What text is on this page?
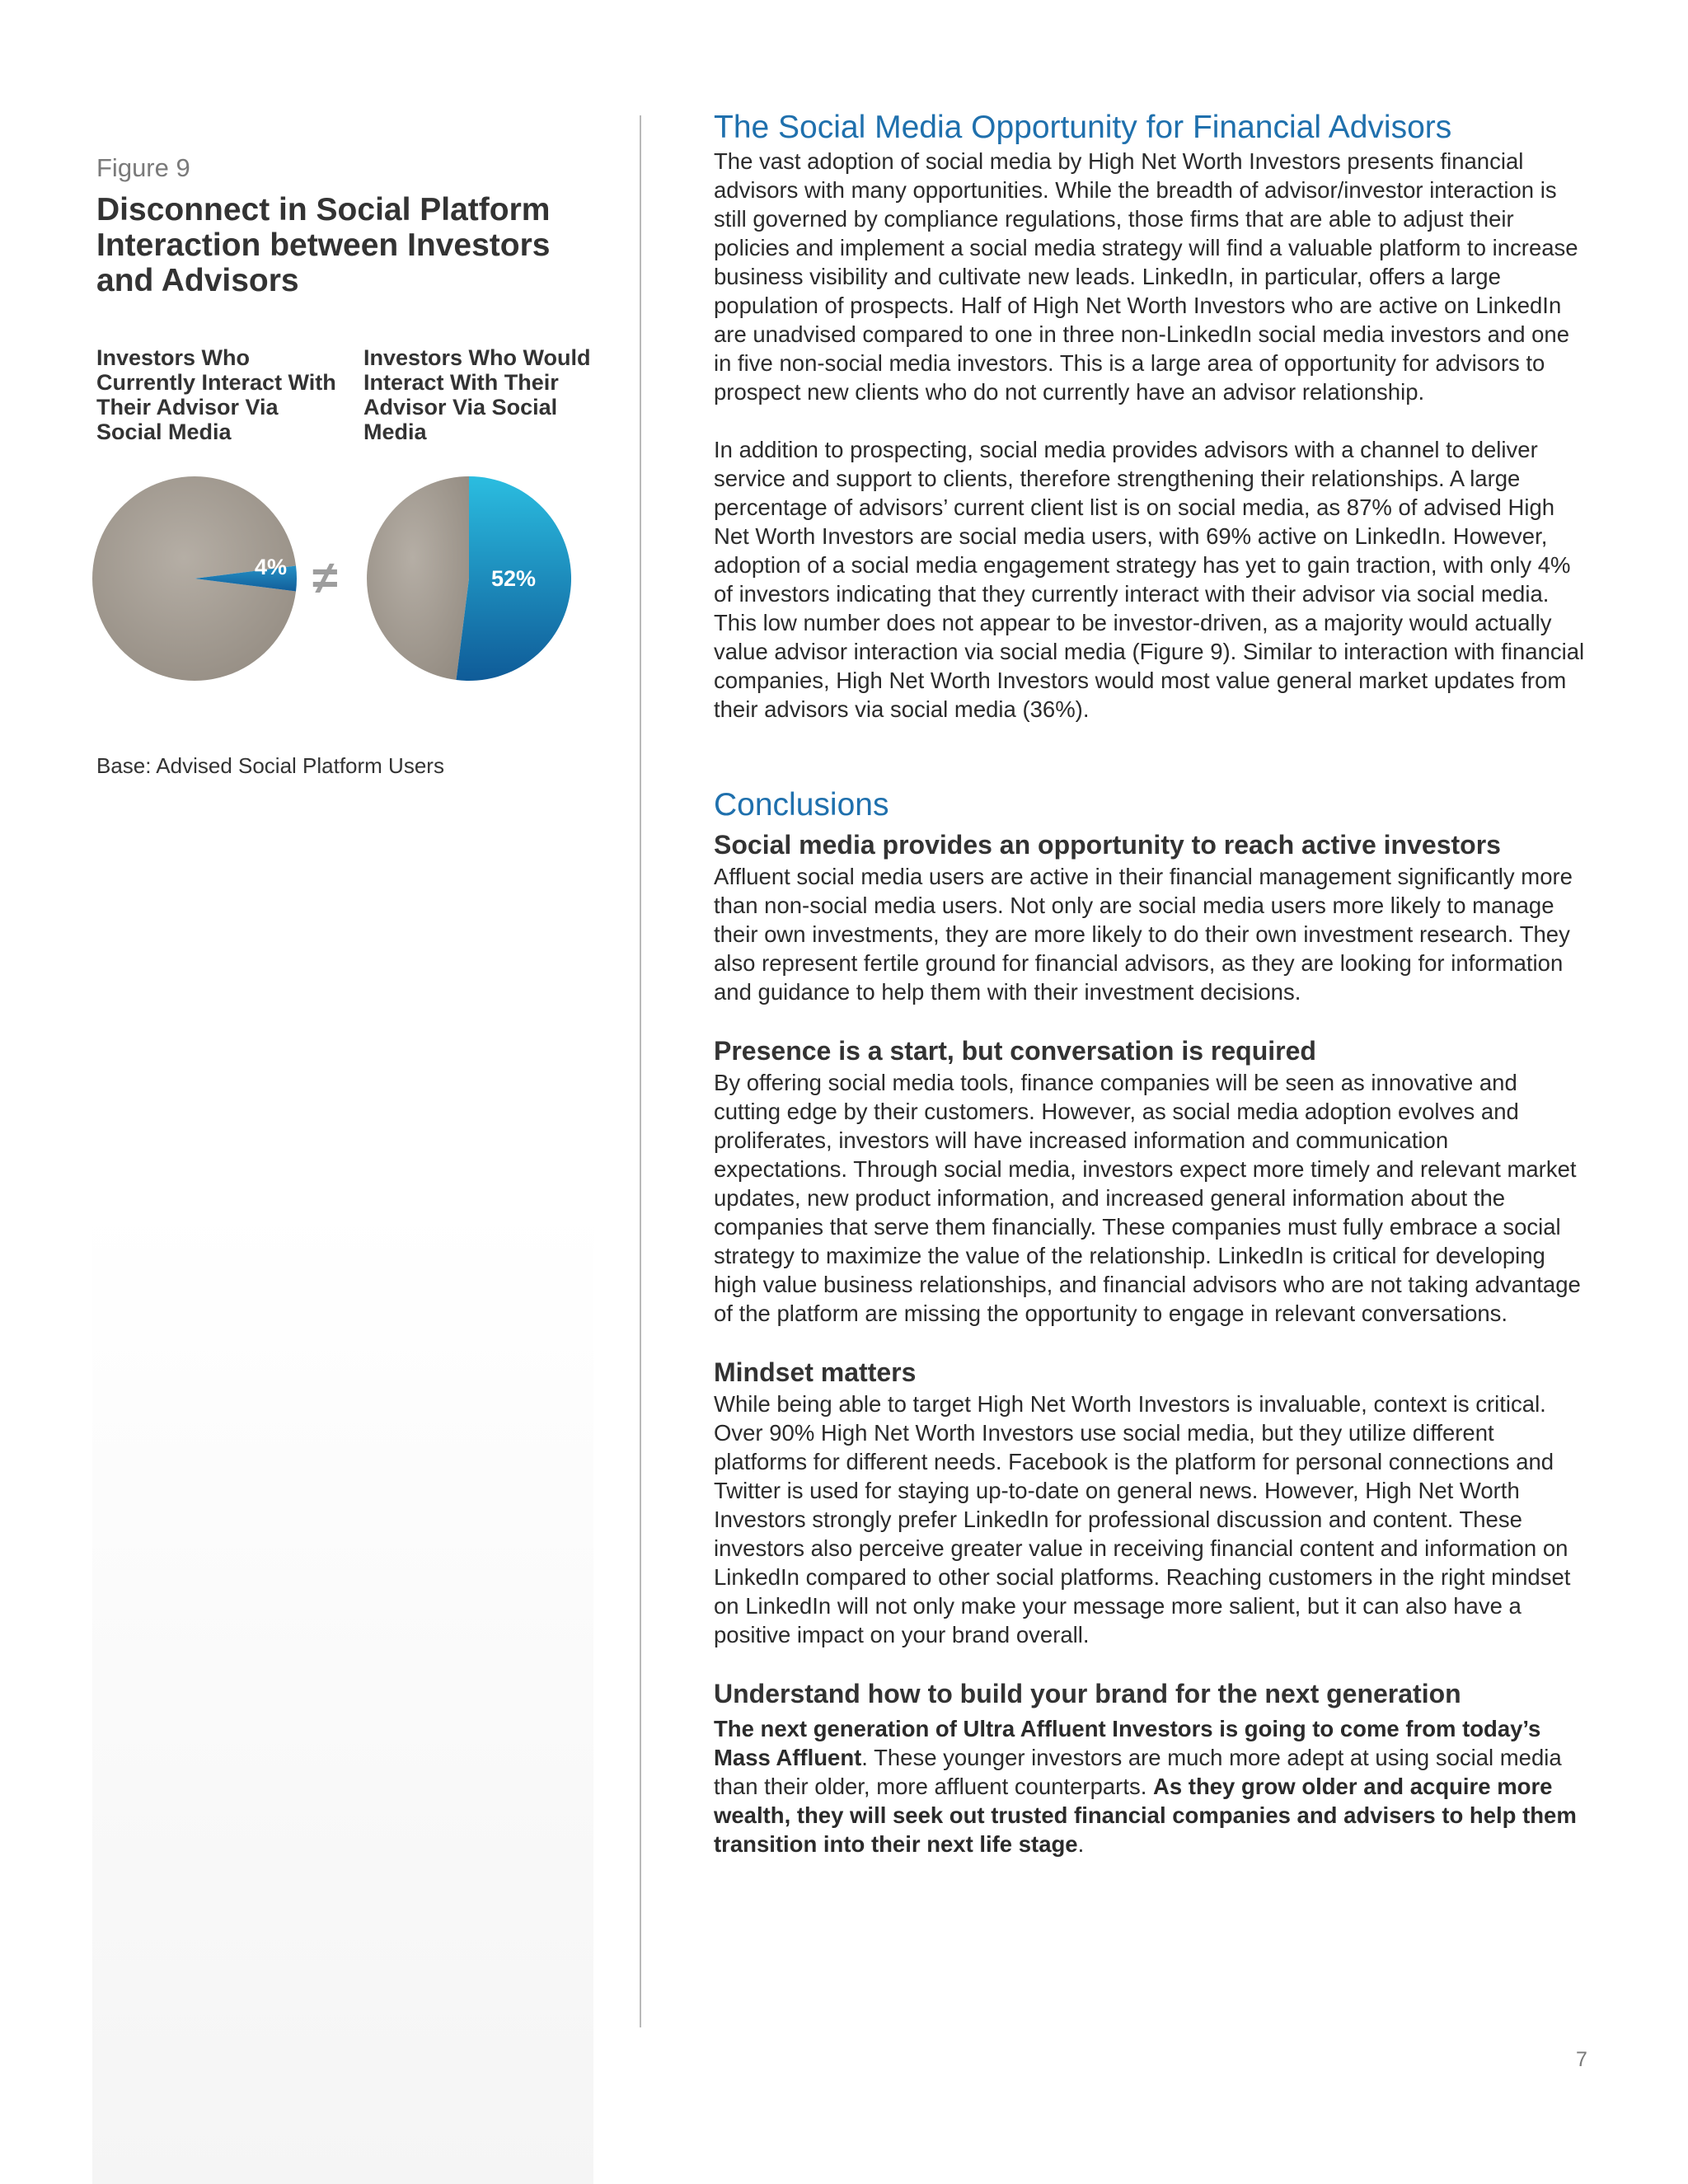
Figure 9
Disconnect in Social Platform Interaction between Investors and Advisors
Investors Who Currently Interact With Their Advisor Via Social Media
Investors Who Would Interact With Their Advisor Via Social Media
4%	52%
≠
Base: Advised Social Platform Users
The Social Media Opportunity for Financial Advisors

The vast adoption of social media by High Net Worth Investors presents financial advisors with many opportunities. While the breadth of advisor/investor interaction is still governed by compliance regulations, those firms that are able to adjust their policies and implement a social media strategy will find a valuable platform to increase business visibility and cultivate new leads. LinkedIn, in particular, offers a large population of prospects. Half of High Net Worth Investors who are active on LinkedIn are unadvised compared to one in three non-LinkedIn social media investors and one in five non-social media investors. This is a large area of opportunity for advisors to prospect new clients who do not currently have an advisor relationship.

In addition to prospecting, social media provides advisors with a channel to deliver service and support to clients, therefore strengthening their relationships. A large percentage of advisors’ current client list is on social media, as 87% of advised High Net Worth Investors are social media users, with 69% active on LinkedIn. However, adoption of a social media engagement strategy has yet to gain traction, with only 4% of investors indicating that they currently interact with their advisor via social media. This low number does not appear to be investor-driven, as a majority would actually value advisor interaction via social media (Figure 9). Similar to interaction with financial companies, High Net Worth Investors would most value general market updates from their advisors via social media (36%).

Conclusions
Social media provides an opportunity to reach active investors

Affluent social media users are active in their financial management significantly more than non-social media users. Not only are social media users more likely to manage their own investments, they are more likely to do their own investment research. They also represent fertile ground for financial advisors, as they are looking for information and guidance to help them with their investment decisions.

Presence is a start, but conversation is required

By offering social media tools, finance companies will be seen as innovative and cutting edge by their customers. However, as social media adoption evolves and proliferates, investors will have increased information and communication expectations. Through social media, investors expect more timely and relevant market updates, new product information, and increased general information about the companies that serve them financially. These companies must fully embrace a social strategy to maximize the value of the relationship. LinkedIn is critical for developing high value business relationships, and financial advisors who are not taking advantage of the platform are missing the opportunity to engage in relevant conversations.

Mindset matters

While being able to target High Net Worth Investors is invaluable, context is critical. Over 90% High Net Worth Investors use social media, but they utilize different platforms for different needs. Facebook is the platform for personal connections and Twitter is used for staying up-to-date on general news. However, High Net Worth Investors strongly prefer LinkedIn for professional discussion and content. These investors also perceive greater value in receiving financial content and information on LinkedIn compared to other social platforms. Reaching customers in the right mindset on LinkedIn will not only make your message more salient, but it can also have a positive impact on your brand overall.

Understand how to build your brand for the next generation

The next generation of Ultra Affluent Investors is going to come from today’s Mass Affluent. These younger investors are much more adept at using social media than their older, more affluent counterparts. As they grow older and acquire more wealth, they will seek out trusted financial companies and advisers to help them transition into their next life stage.

7
